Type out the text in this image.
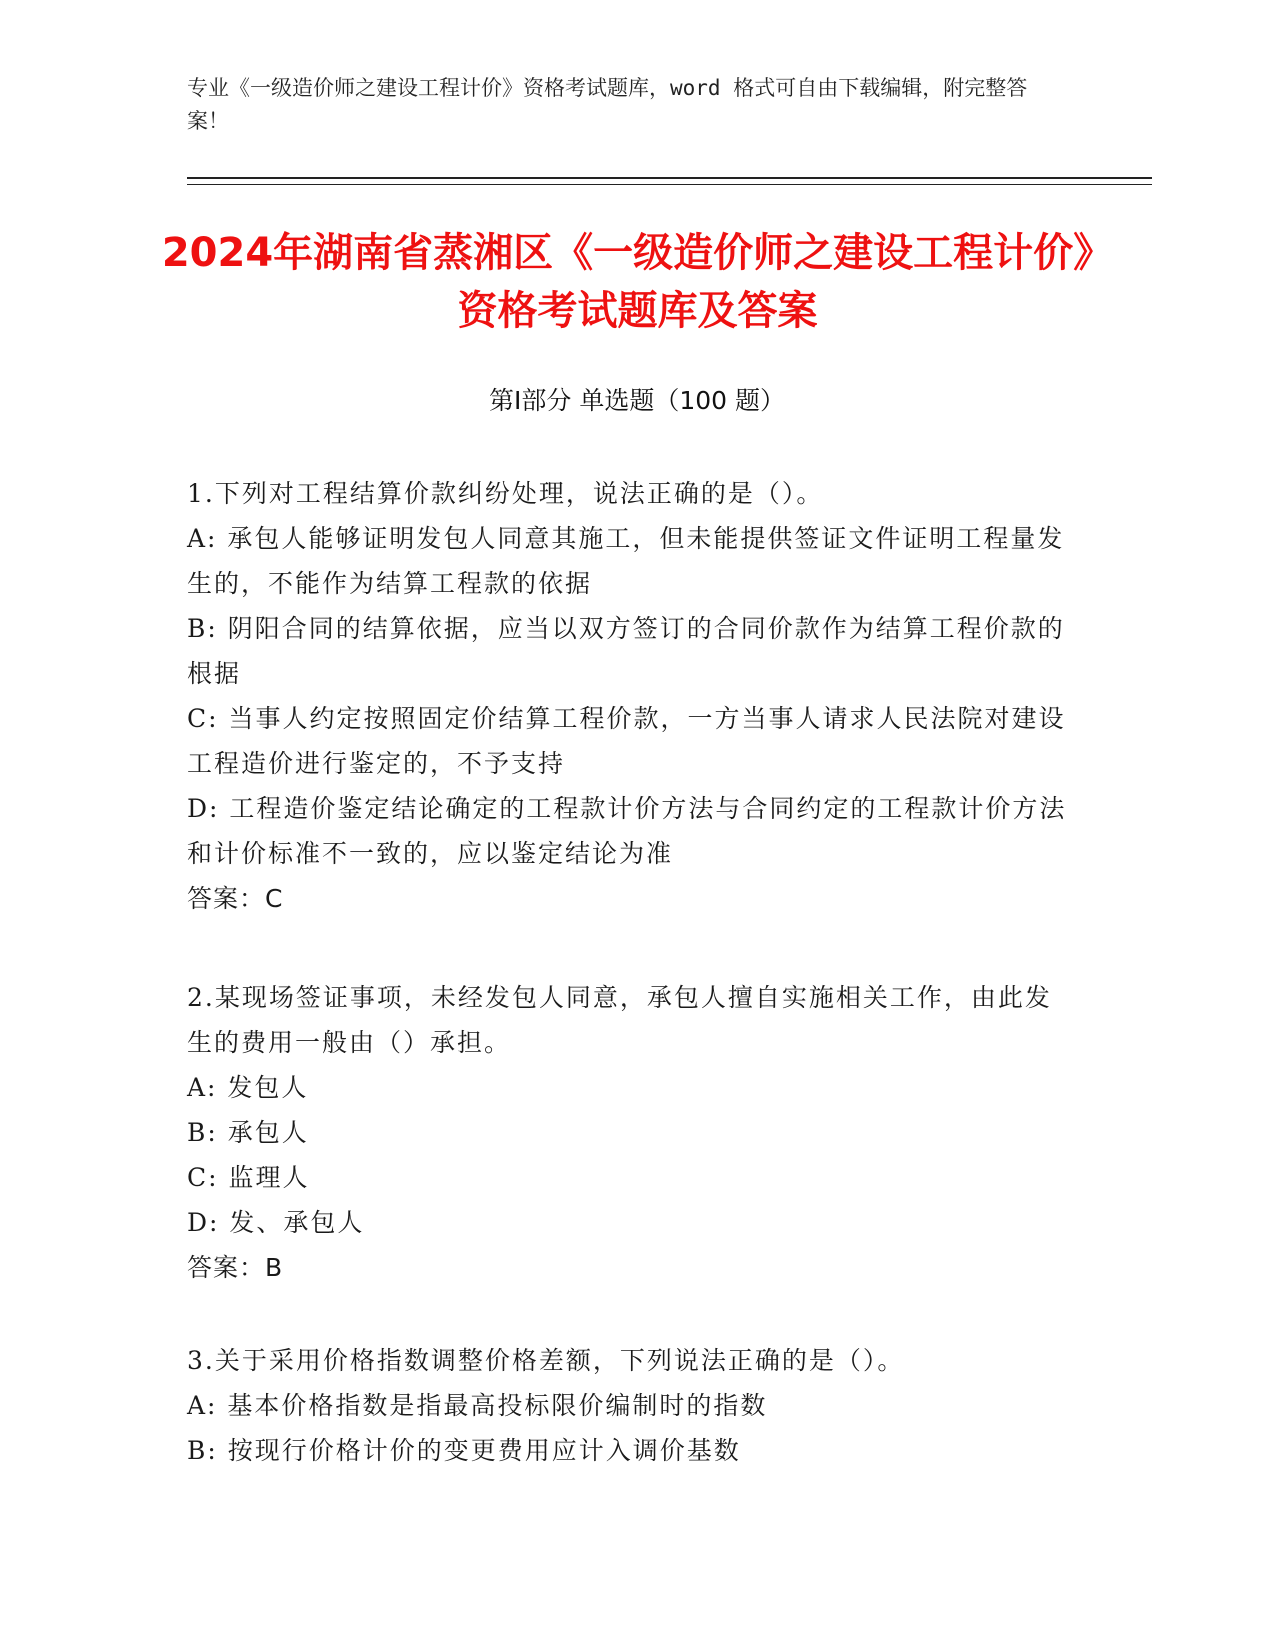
专业《一级造价师之建设工程计价》资格考试题库，word 格式可自由下载编辑，附完整答案！
2024年湖南省蒸湘区《一级造价师之建设工程计价》资格考试题库及答案
第Ⅰ部分 单选题（100 题）

1.下列对工程结算价款纠纷处理，说法正确的是（）。

A: 承包人能够证明发包人同意其施工，但未能提供签证文件证明工程量发生的，不能作为结算工程款的依据

B: 阴阳合同的结算依据，应当以双方签订的合同价款作为结算工程价款的根据

C: 当事人约定按照固定价结算工程价款，一方当事人请求人民法院对建设工程造价进行鉴定的，不予支持

D: 工程造价鉴定结论确定的工程款计价方法与合同约定的工程款计价方法和计价标准不一致的，应以鉴定结论为准

答案：C

2.某现场签证事项，未经发包人同意，承包人擅自实施相关工作，由此发生的费用一般由（）承担。

A: 发包人

B: 承包人

C: 监理人

D: 发、承包人

答案：B

3.关于采用价格指数调整价格差额，下列说法正确的是（）。

A: 基本价格指数是指最高投标限价编制时的指数

B: 按现行价格计价的变更费用应计入调价基数
